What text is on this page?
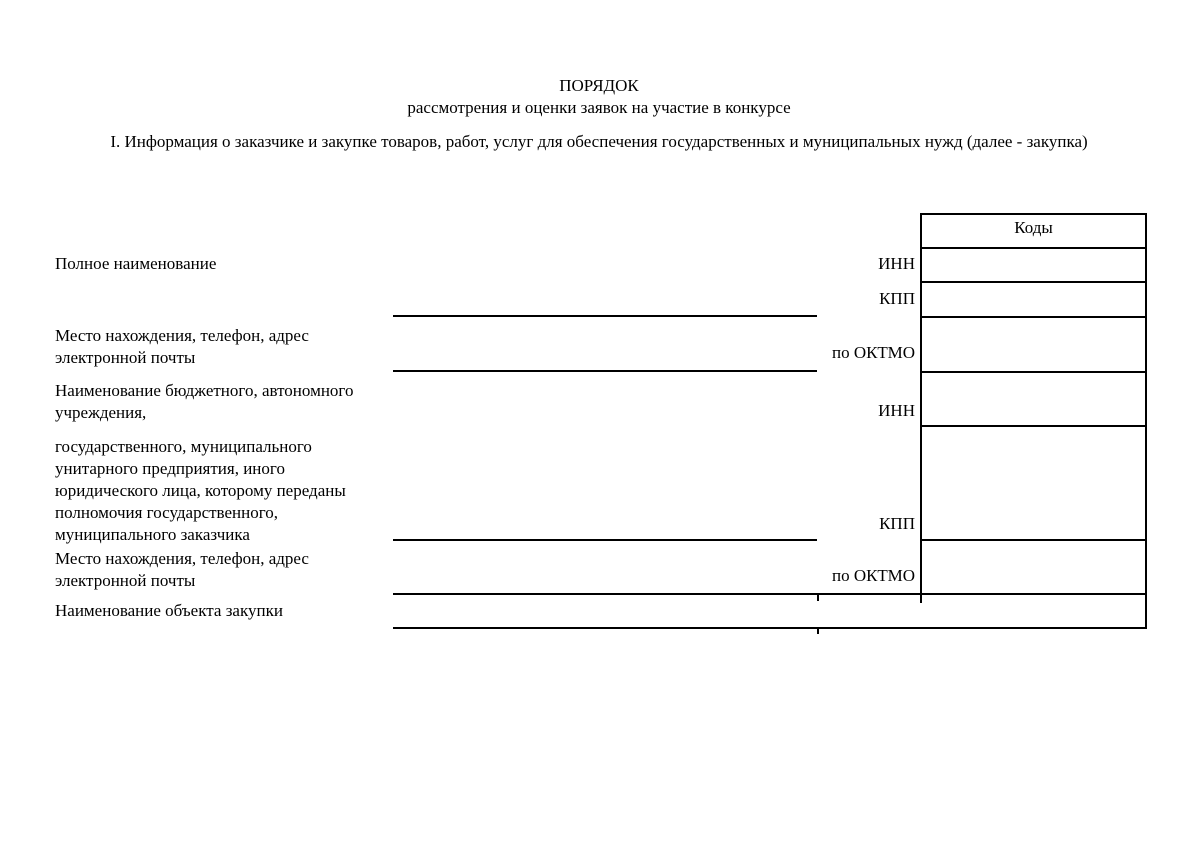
ПОРЯДОК
рассмотрения и оценки заявок на участие в конкурсе
I. Информация о заказчике и закупке товаров, работ, услуг для обеспечения государственных и муниципальных нужд (далее - закупка)
Полное наименование
Место нахождения, телефон, адрес
электронной почты
Наименование бюджетного, автономного
учреждения,
государственного, муниципального
унитарного предприятия, иного
юридического лица, которому переданы
полномочия государственного,
муниципального заказчика
Место нахождения, телефон, адрес
электронной почты
Наименование объекта закупки
ИНН
КПП
по ОКТМО
ИНН
КПП
по ОКТМО
Коды
